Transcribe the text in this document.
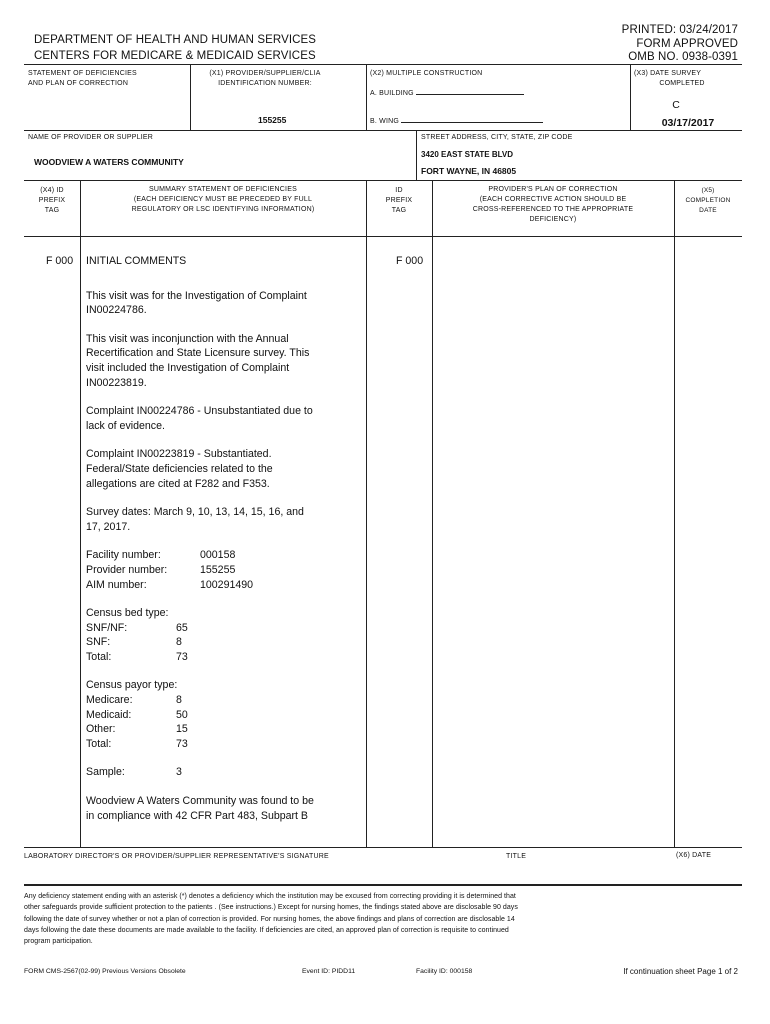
DEPARTMENT OF HEALTH AND HUMAN SERVICES
CENTERS FOR MEDICARE & MEDICAID SERVICES
PRINTED: 03/24/2017
FORM APPROVED
OMB NO. 0938-0391
STATEMENT OF DEFICIENCIES
AND PLAN OF CORRECTION
(X1) PROVIDER/SUPPLIER/CLIA
IDENTIFICATION NUMBER:
155255
(X2) MULTIPLE CONSTRUCTION
A. BUILDING
B. WING
(X3) DATE SURVEY
COMPLETED
C
03/17/2017
NAME OF PROVIDER OR SUPPLIER
WOODVIEW A WATERS COMMUNITY
STREET ADDRESS, CITY, STATE, ZIP CODE
3420 EAST STATE BLVD
FORT WAYNE, IN 46805
(X4) ID
PREFIX
TAG
SUMMARY STATEMENT OF DEFICIENCIES
(EACH DEFICIENCY MUST BE PRECEDED BY FULL
REGULATORY OR LSC IDENTIFYING INFORMATION)
ID
PREFIX
TAG
PROVIDER'S PLAN OF CORRECTION
(EACH CORRECTIVE ACTION SHOULD BE
CROSS-REFERENCED TO THE APPROPRIATE
DEFICIENCY)
(X5)
COMPLETION
DATE
F 000	F 000
INITIAL COMMENTS
This visit was for the Investigation of Complaint
IN00224786.
This visit was inconjunction with the Annual
Recertification and State Licensure survey. This
visit included the Investigation of Complaint
IN00223819.
Complaint IN00224786 - Unsubstantiated due to
lack of evidence.
Complaint IN00223819 - Substantiated.
Federal/State deficiencies related to the
allegations are cited at F282 and F353.
Survey dates: March 9, 10, 13, 14, 15, 16, and
17, 2017.
Facility number:	000158
Provider number:	155255
AIM number:	100291490
Census bed type:
SNF/NF:	65
SNF:	8
Total:	73
Census payor type:
Medicare:	8
Medicaid:	50
Other:	15
Total:	73
Sample:	3
Woodview A Waters Community was found to be
in compliance with 42 CFR Part 483, Subpart B
LABORATORY DIRECTOR'S OR PROVIDER/SUPPLIER REPRESENTATIVE'S SIGNATURE	TITLE	(X6) DATE
Any deficiency statement ending with an asterisk (*) denotes a deficiency which the institution may be excused from correcting providing it is determined that
other safeguards provide sufficient protection to the patients . (See instructions.) Except for nursing homes, the findings stated above are disclosable 90 days
following the date of survey whether or not a plan of correction is provided. For nursing homes, the above findings and plans of correction are disclosable 14
days following the date these documents are made available to the facility. If deficiencies are cited, an approved plan of correction is requisite to continued
program participation.
FORM CMS-2567(02-99) Previous Versions Obsolete	Event ID: PIDD11	Facility ID: 000158	If continuation sheet Page 1 of 2
